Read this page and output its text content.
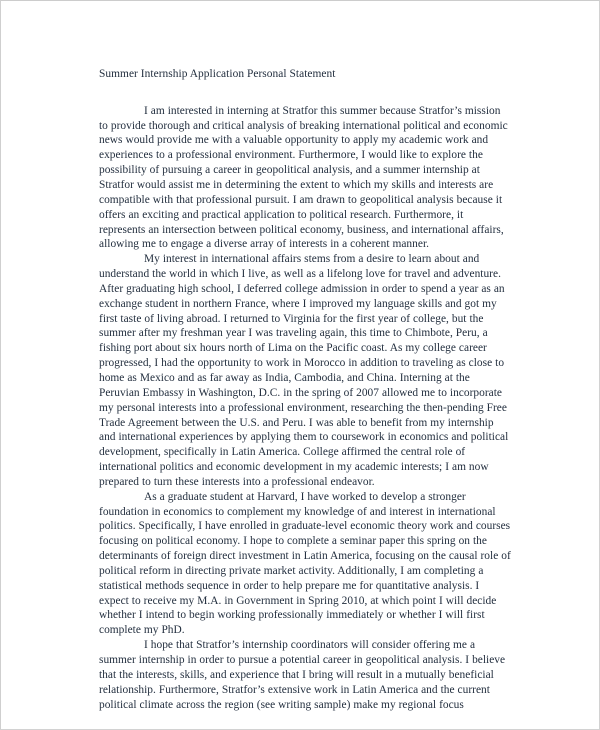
Summer Internship Application Personal Statement

I am interested in interning at Stratfor this summer because Stratfor’s mission to provide thorough and critical analysis of breaking international political and economic news would provide me with a valuable opportunity to apply my academic work and experiences to a professional environment. Furthermore, I would like to explore the possibility of pursuing a career in geopolitical analysis, and a summer internship at Stratfor would assist me in determining the extent to which my skills and interests are compatible with that professional pursuit. I am drawn to geopolitical analysis because it offers an exciting and practical application to political research. Furthermore, it represents an intersection between political economy, business, and international affairs, allowing me to engage a diverse array of interests in a coherent manner.

My interest in international affairs stems from a desire to learn about and understand the world in which I live, as well as a lifelong love for travel and adventure. After graduating high school, I deferred college admission in order to spend a year as an exchange student in northern France, where I improved my language skills and got my first taste of living abroad. I returned to Virginia for the first year of college, but the summer after my freshman year I was traveling again, this time to Chimbote, Peru, a fishing port about six hours north of Lima on the Pacific coast. As my college career progressed, I had the opportunity to work in Morocco in addition to traveling as close to home as Mexico and as far away as India, Cambodia, and China. Interning at the Peruvian Embassy in Washington, D.C. in the spring of 2007 allowed me to incorporate my personal interests into a professional environment, researching the then-pending Free Trade Agreement between the U.S. and Peru. I was able to benefit from my internship and international experiences by applying them to coursework in economics and political development, specifically in Latin America. College affirmed the central role of international politics and economic development in my academic interests; I am now prepared to turn these interests into a professional endeavor.

As a graduate student at Harvard, I have worked to develop a stronger foundation in economics to complement my knowledge of and interest in international politics. Specifically, I have enrolled in graduate-level economic theory work and courses focusing on political economy. I hope to complete a seminar paper this spring on the determinants of foreign direct investment in Latin America, focusing on the causal role of political reform in directing private market activity. Additionally, I am completing a statistical methods sequence in order to help prepare me for quantitative analysis. I expect to receive my M.A. in Government in Spring 2010, at which point I will decide whether I intend to begin working professionally immediately or whether I will first complete my PhD.

I hope that Stratfor’s internship coordinators will consider offering me a summer internship in order to pursue a potential career in geopolitical analysis. I believe that the interests, skills, and experience that I bring will result in a mutually beneficial relationship. Furthermore, Stratfor’s extensive work in Latin America and the current political climate across the region (see writing sample) make my regional focus
